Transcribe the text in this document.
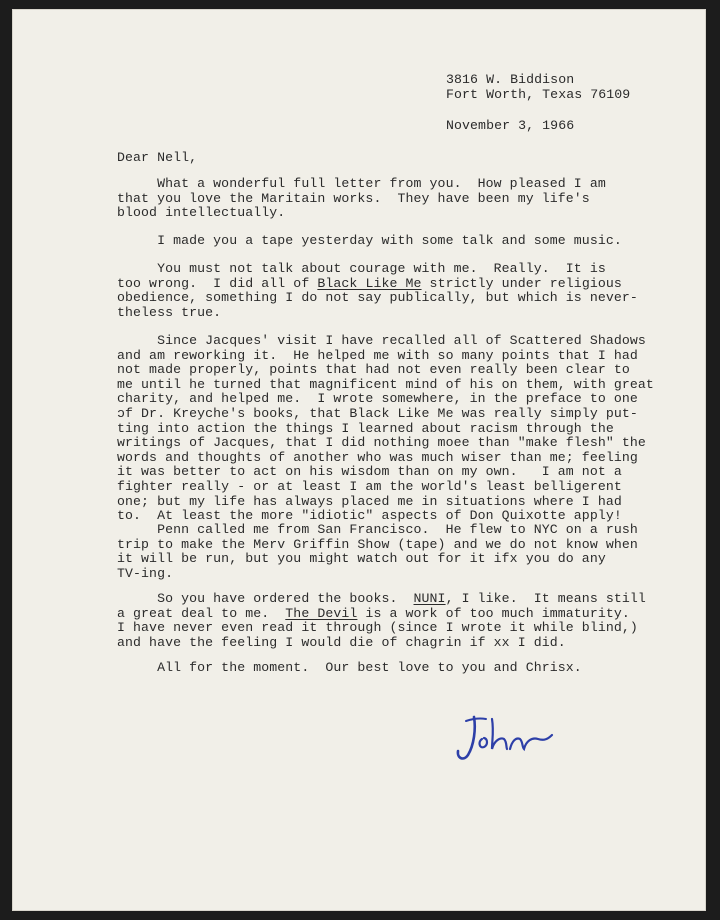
3816 W. Biddison
Fort Worth, Texas 76109
November 3, 1966
Dear Nell,
What a wonderful full letter from you.  How pleased I am
that you love the Maritain works.  They have been my life's
blood intellectually.
I made you a tape yesterday with some talk and some music.
You must not talk about courage with me.  Really.  It is
too wrong.  I did all of Black Like Me strictly under religious
obedience, something I do not say publically, but which is never-
theless true.
Since Jacques' visit I have recalled all of Scattered Shadows
and am reworking it.  He helped me with so many points that I had
not made properly, points that had not even really been clear to
me until he turned that magnificent mind of his on them, with great
charity, and helped me.  I wrote somewhere, in the preface to one
ɔf Dr. Kreyche's books, that Black Like Me was really simply put-
ting into action the things I learned about racism through the
writings of Jacques, that I did nothing moee than "make flesh" the
words and thoughts of another who was much wiser than me; feeling
it was better to act on his wisdom than on my own.   I am not a
fighter really - or at least I am the world's least belligerent
one; but my life has always placed me in situations where I had
to.  At least the more "idiotic" aspects of Don Quixotte apply!
Penn called me from San Francisco.  He flew to NYC on a rush
trip to make the Merv Griffin Show (tape) and we do not know when
it will be run, but you might watch out for it ifx you do any
TV-ing.
So you have ordered the books.  NUNI, I like.  It means still
a great deal to me.  The Devil is a work of too much immaturity.
I have never even read it through (since I wrote it while blind,)
and have the feeling I would die of chagrin if xx I did.
All for the moment.  Our best love to you and Chrisx.
